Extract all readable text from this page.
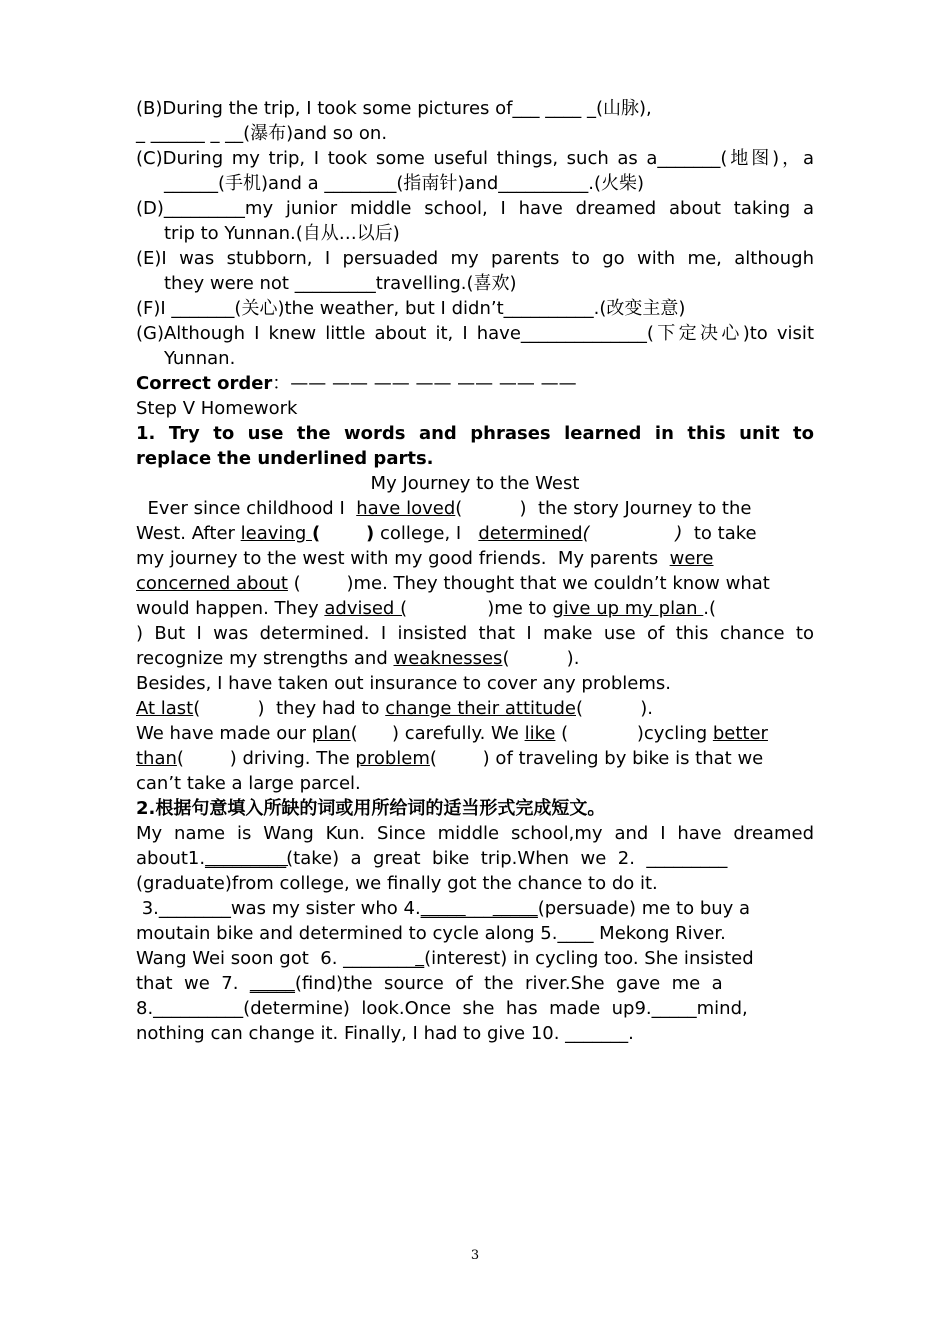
(B)During the trip, I took some pictures of___ ____ _(山脉),
_ ______ _ __(瀑布)and so on.
(C)During my trip, I took some useful things, such as a_______(地图)，a
______(手机)and a ________(指南针)and__________.(火柴)
(D)_________my junior middle school, I have dreamed about taking a
trip to Yunnan.(自从…以后)
(E)I was stubborn, I persuaded my parents to go with me, although
they were not _________travelling.(喜欢)
(F)I _______(关心)the weather, but I didn’t__________.(改变主意)
(G)Although I knew little about it, I have______________(下定决心)to visit
Yunnan.
Correct order：—— —— —— —— —— —— ——
Step V Homework
1. Try to use the words and phrases learned in this unit to
replace the underlined parts.
My Journey to the West
Ever since childhood I  have loved(          )  the story Journey to the
West. After leaving (	) college, I   determined(               )  to take
my journey to the west with my good friends.  My parents  were
concerned about (        )me. They thought that we couldn’t know what
would happen. They advised (              )me to give up my plan .(
) But I was determined. I insisted that I make use of this chance to
recognize my strengths and weaknesses(          ).
Besides, I have taken out insurance to cover any problems.
At last(          )  they had to change their attitude(          ).
We have made our plan(      ) carefully. We like (            )cycling better
than(        ) driving. The problem(        ) of traveling by bike is that we
can’t take a large parcel.
2.根据句意填入所缺的词或用所给词的适当形式完成短文。
My name is Wang Kun. Since middle school,my and I have dreamed
about1._________(take)  a  great  bike  trip.When  we  2.  _________
(graduate)from college, we finally got the chance to do it.
3.________was my sister who 4._____________(persuade) me to buy a
moutain bike and determined to cycle along 5.____ Mekong River.
Wang Wei soon got  6. _________(interest) in cycling too. She insisted
that  we  7.  _____(find)the  source  of  the  river.She  gave  me  a
8.__________(determine)  look.Once  she  has  made  up9._____mind,
nothing can change it. Finally, I had to give 10. _______.
3
